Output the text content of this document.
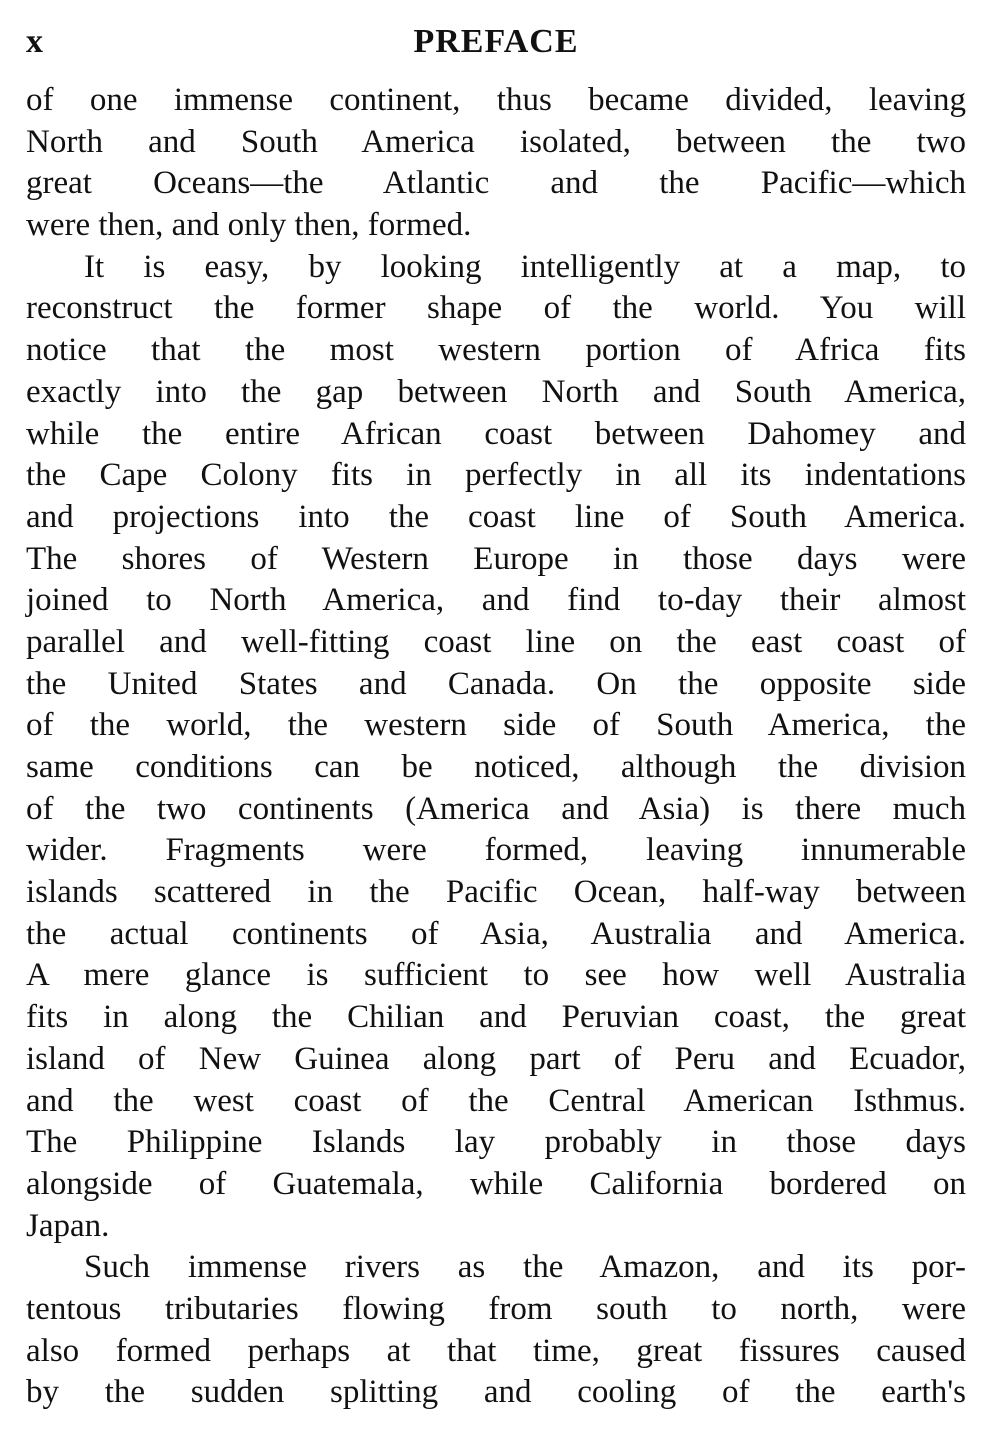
x	PREFACE
of one immense continent, thus became divided, leaving
North and South America isolated, between the two
great Oceans—the Atlantic and the Pacific—which
were then, and only then, formed.
It is easy, by looking intelligently at a map, to
reconstruct the former shape of the world. You will
notice that the most western portion of Africa fits
exactly into the gap between North and South America,
while the entire African coast between Dahomey and
the Cape Colony fits in perfectly in all its indentations
and projections into the coast line of South America.
The shores of Western Europe in those days were
joined to North America, and find to-day their almost
parallel and well-fitting coast line on the east coast of
the United States and Canada. On the opposite side
of the world, the western side of South America, the
same conditions can be noticed, although the division
of the two continents (America and Asia) is there much
wider. Fragments were formed, leaving innumerable
islands scattered in the Pacific Ocean, half-way between
the actual continents of Asia, Australia and America.
A mere glance is sufficient to see how well Australia
fits in along the Chilian and Peruvian coast, the great
island of New Guinea along part of Peru and Ecuador,
and the west coast of the Central American Isthmus.
The Philippine Islands lay probably in those days
alongside of Guatemala, while California bordered on
Japan.
Such immense rivers as the Amazon, and its por-
tentous tributaries flowing from south to north, were
also formed perhaps at that time, great fissures caused
by the sudden splitting and cooling of the earth's
